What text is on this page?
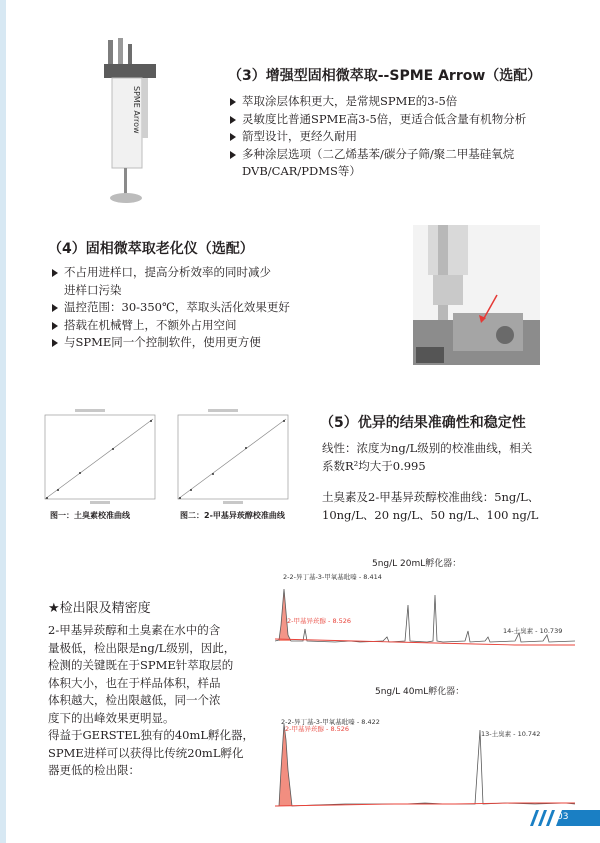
SPME Arrow
（3）增强型固相微萃取--SPME Arrow（选配）
萃取涂层体积更大，是常规SPME的3-5倍
灵敏度比普通SPME高3-5倍，更适合低含量有机物分析
箭型设计，更经久耐用
多种涂层选项（二乙烯基苯/碳分子筛/聚二甲基硅氧烷
DVB/CAR/PDMS等）
（4）固相微萃取老化仪（选配）
不占用进样口，提高分析效率的同时减少
进样口污染
温控范围：30-350℃，萃取头活化效果更好
搭载在机械臂上，不额外占用空间
与SPME同一个控制软件，使用更方便
图一：土臭素校准曲线	图二：2-甲基异莰醇校准曲线
（5）优异的结果准确性和稳定性
线性：浓度为ng/L级别的校准曲线，相关
系数R²均大于0.995
土臭素及2-甲基异莰醇校准曲线：5ng/L、
10ng/L、20 ng/L、50 ng/L、100 ng/L
★检出限及精密度
2-甲基异莰醇和土臭素在水中的含
量极低，检出限是ng/L级别，因此，
检测的关键既在于SPME针萃取层的
体积大小，也在于样品体积，样品
体积越大，检出限越低，同一个浓
度下的出峰效果更明显。
得益于GERSTEL独有的40mL孵化器，
SPME进样可以获得比传统20mL孵化
器更低的检出限：
5ng/L 20mL孵化器：
2-2-异丁基-3-甲氧基吡嗪 - 8.414
2-甲基异莰醇 - 8.526
14-土臭素 - 10.739
5ng/L 40mL孵化器：
2-2-异丁基-3-甲氧基吡嗪 - 8.422
2-甲基异莰醇 - 8.526
13-土臭素 - 10.742
03
